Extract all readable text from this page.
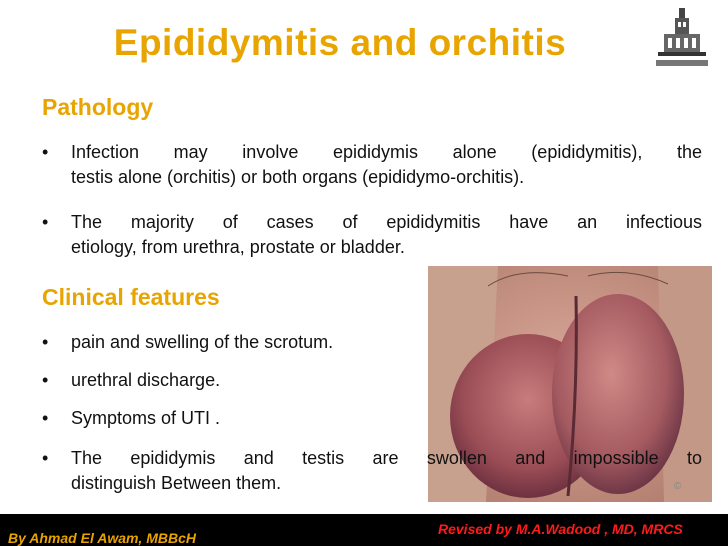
Epididymitis and orchitis
Pathology
• Infection may involve epididymis alone (epididymitis), the
testis alone (orchitis) or both organs (epididymo-orchitis).
• The majority of cases of epididymitis have an infectious
etiology, from urethra, prostate or bladder.
Clinical features
• pain and swelling of the scrotum.
• urethral discharge.
• Symptoms of UTI .
• The epididymis and testis are swollen and impossible to
distinguish Between them.	©
By Ahmad El Awam, MBBcH
Revised by M.A.Wadood , MD, MRCS
